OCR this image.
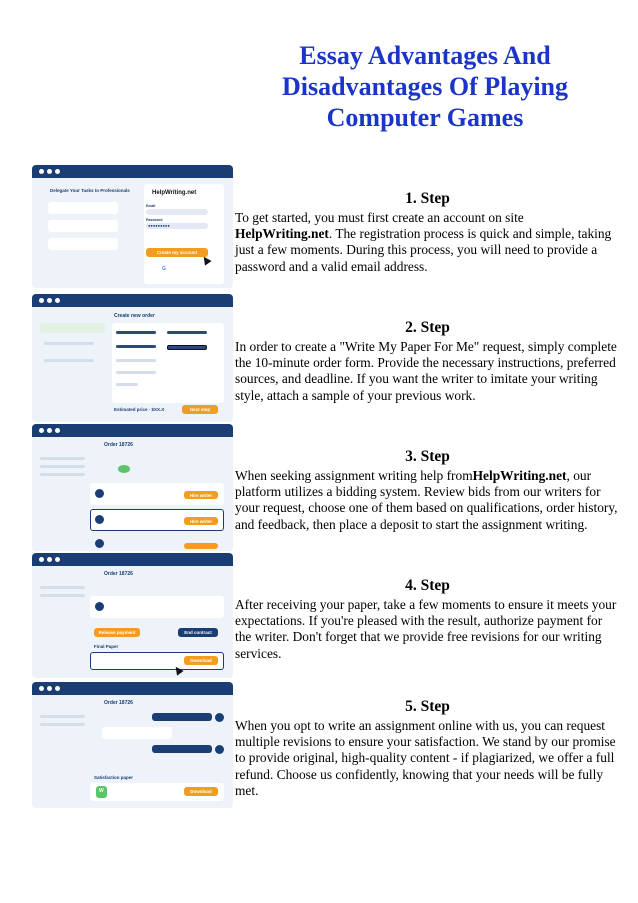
Essay Advantages And Disadvantages Of Playing Computer Games
Delegate Your Tasks to Professionals	HelpWriting.net
Email
Password
●●●●●●●●●
Create my account
G
1. Step
To get started, you must first create an account on site HelpWriting.net. The registration process is quick and simple, taking just a few moments. During this process, you will need to provide a password and a valid email address.
Create new order
Estimated price · $XX.X	Next step
2. Step
In order to create a "Write My Paper For Me" request, simply complete the 10-minute order form. Provide the necessary instructions, preferred sources, and deadline. If you want the writer to imitate your writing style, attach a sample of your previous work.
Order 18726
Hire writer
Hire writer
3. Step
When seeking assignment writing help fromHelpWriting.net, our platform utilizes a bidding system. Review bids from our writers for your request, choose one of them based on qualifications, order history, and feedback, then place a deposit to start the assignment writing.
Order 18726
Release payment	End contract
Final Paper
Download
4. Step
After receiving your paper, take a few moments to ensure it meets your expectations. If you're pleased with the result, authorize payment for the writer. Don't forget that we provide free revisions for our writing services.
Order 18726
Satisfaction paper
W	Download
5. Step
When you opt to write an assignment online with us, you can request multiple revisions to ensure your satisfaction. We stand by our promise to provide original, high-quality content - if plagiarized, we offer a full refund. Choose us confidently, knowing that your needs will be fully met.
